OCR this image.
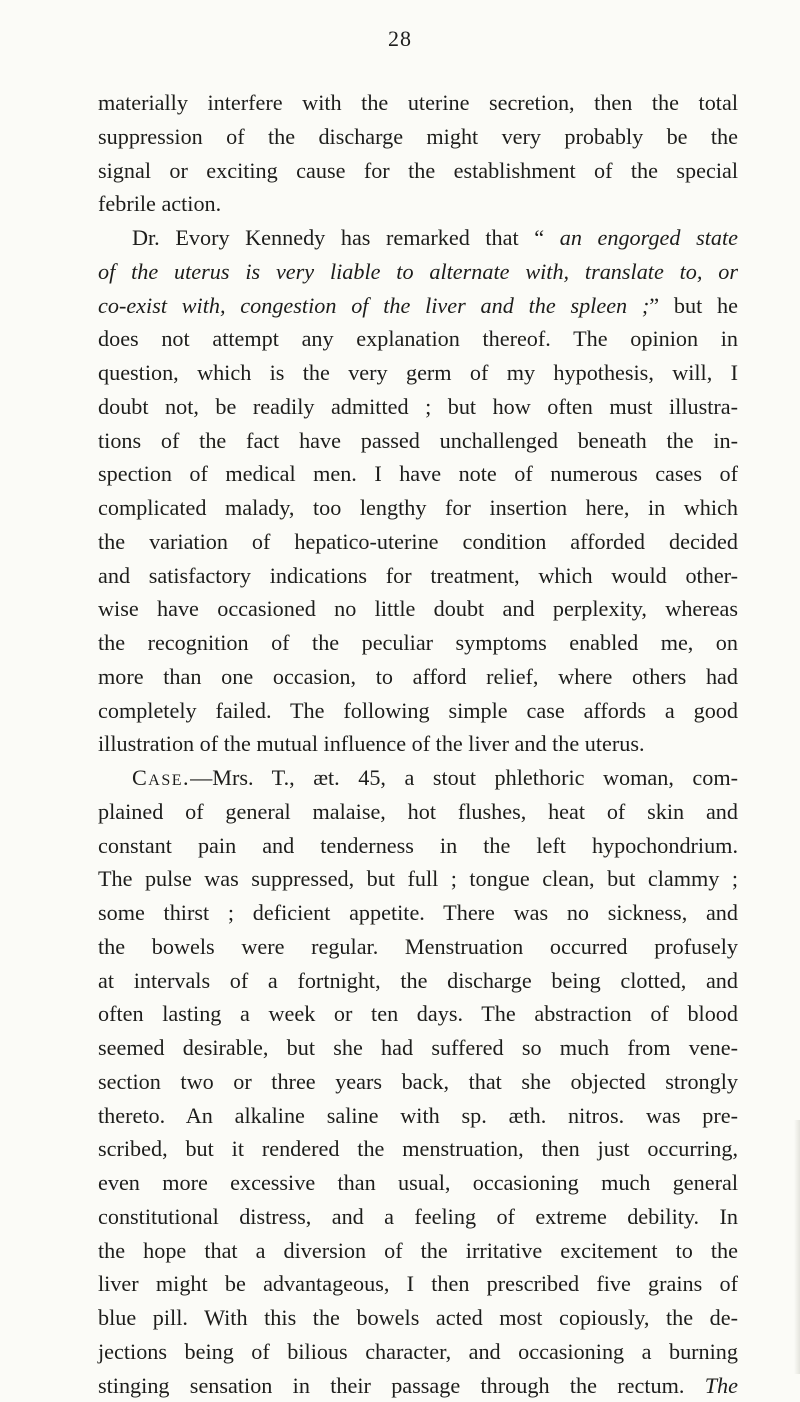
28

materially interfere with the uterine secretion, then the total

suppression of the discharge might very probably be the

signal or exciting cause for the establishment of the special

febrile action.

Dr. Evory Kennedy has remarked that “ an engorged state

of the uterus is very liable to alternate with, translate to, or

co-exist with, congestion of the liver and the spleen ;” but he

does not attempt any explanation thereof. The opinion in

question, which is the very germ of my hypothesis, will, I

doubt not, be readily admitted ; but how often must illustra-

tions of the fact have passed unchallenged beneath the in-

spection of medical men. I have note of numerous cases of

complicated malady, too lengthy for insertion here, in which

the variation of hepatico-uterine condition afforded decided

and satisfactory indications for treatment, which would other-

wise have occasioned no little doubt and perplexity, whereas

the recognition of the peculiar symptoms enabled me, on

more than one occasion, to afford relief, where others had

completely failed. The following simple case affords a good

illustration of the mutual influence of the liver and the uterus.

Case.—Mrs. T., æt. 45, a stout phlethoric woman, com-

plained of general malaise, hot flushes, heat of skin and

constant pain and tenderness in the left hypochondrium.

The pulse was suppressed, but full ; tongue clean, but clammy ;

some thirst ; deficient appetite. There was no sickness, and

the bowels were regular. Menstruation occurred profusely

at intervals of a fortnight, the discharge being clotted, and

often lasting a week or ten days. The abstraction of blood

seemed desirable, but she had suffered so much from vene-

section two or three years back, that she objected strongly

thereto. An alkaline saline with sp. æth. nitros. was pre-

scribed, but it rendered the menstruation, then just occurring,

even more excessive than usual, occasioning much general

constitutional distress, and a feeling of extreme debility. In

the hope that a diversion of the irritative excitement to the

liver might be advantageous, I then prescribed five grains of

blue pill. With this the bowels acted most copiously, the de-

jections being of bilious character, and occasioning a burning

stinging sensation in their passage through the rectum. The
